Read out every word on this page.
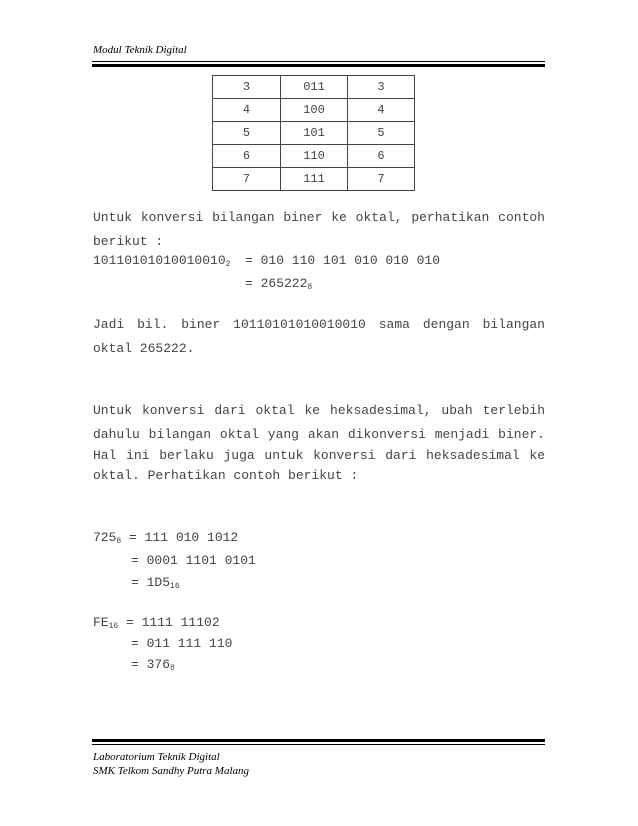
Modul Teknik Digital
3	011	3
4	100	4
5	101	5
6	110	6
7	111	7
Untuk konversi bilangan biner ke oktal, perhatikan contoh
berikut :
$10110101010010010_2 = 010$ 110 101 010 010 010
= $265222_8$
Jadi bil. biner 10110101010010010 sama dengan bilangan
oktal 265222.
Untuk konversi dari oktal ke heksadesimal, ubah terlebih
dahulu bilangan oktal yang akan dikonversi menjadi biner.
Hal ini berlaku juga untuk konversi dari heksadesimal ke
oktal. Perhatikan contoh berikut :
$725_8 = 111$ 010 1012
= 0001 1101 0101
= $1D5_{16}$
$FE_{16} = 1111$ 11102
= 011 111 110
= $376_8$
Laboratorium Teknik Digital
SMK Telkom Sandhy Putra Malang
